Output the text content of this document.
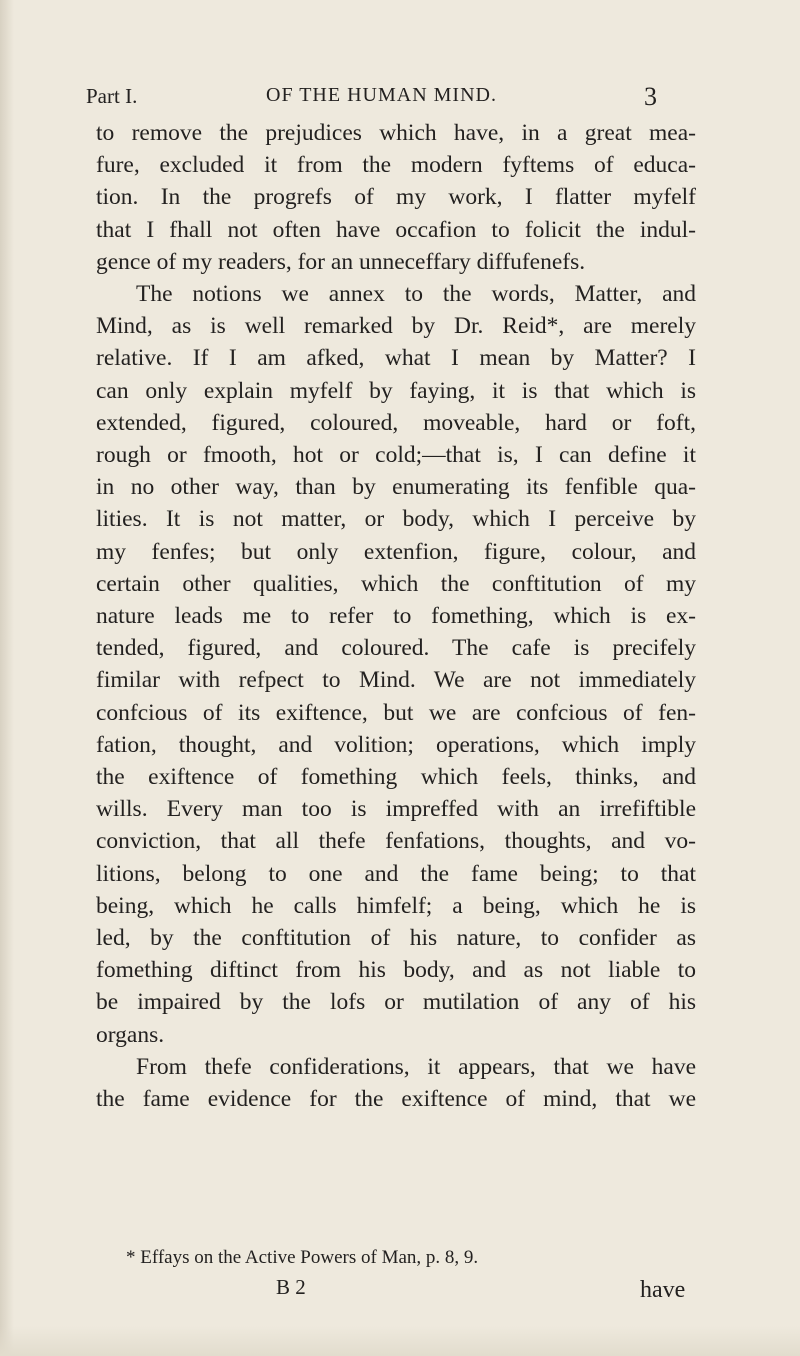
Part I.	OF THE HUMAN MIND.	3
to remove the prejudices which have, in a great mea-
fure, excluded it from the modern fyftems of educa-
tion. In the progrefs of my work, I flatter myfelf
that I fhall not often have occafion to folicit the indul-
gence of my readers, for an unneceffary diffufenefs.
The notions we annex to the words, Matter, and
Mind, as is well remarked by Dr. Reid*, are merely
relative. If I am afked, what I mean by Matter? I
can only explain myfelf by faying, it is that which is
extended, figured, coloured, moveable, hard or foft,
rough or fmooth, hot or cold;—that is, I can define it
in no other way, than by enumerating its fenfible qua-
lities. It is not matter, or body, which I perceive by
my fenfes; but only extenfion, figure, colour, and
certain other qualities, which the conftitution of my
nature leads me to refer to fomething, which is ex-
tended, figured, and coloured. The cafe is precifely
fimilar with refpect to Mind. We are not immediately
confcious of its exiftence, but we are confcious of fen-
fation, thought, and volition; operations, which imply
the exiftence of fomething which feels, thinks, and
wills. Every man too is impreffed with an irrefiftible
conviction, that all thefe fenfations, thoughts, and vo-
litions, belong to one and the fame being; to that
being, which he calls himfelf; a being, which he is
led, by the conftitution of his nature, to confider as
fomething diftinct from his body, and as not liable to
be impaired by the lofs or mutilation of any of his
organs.
From thefe confiderations, it appears, that we have
the fame evidence for the exiftence of mind, that we
* Effays on the Active Powers of Man, p. 8, 9.
B 2	have
